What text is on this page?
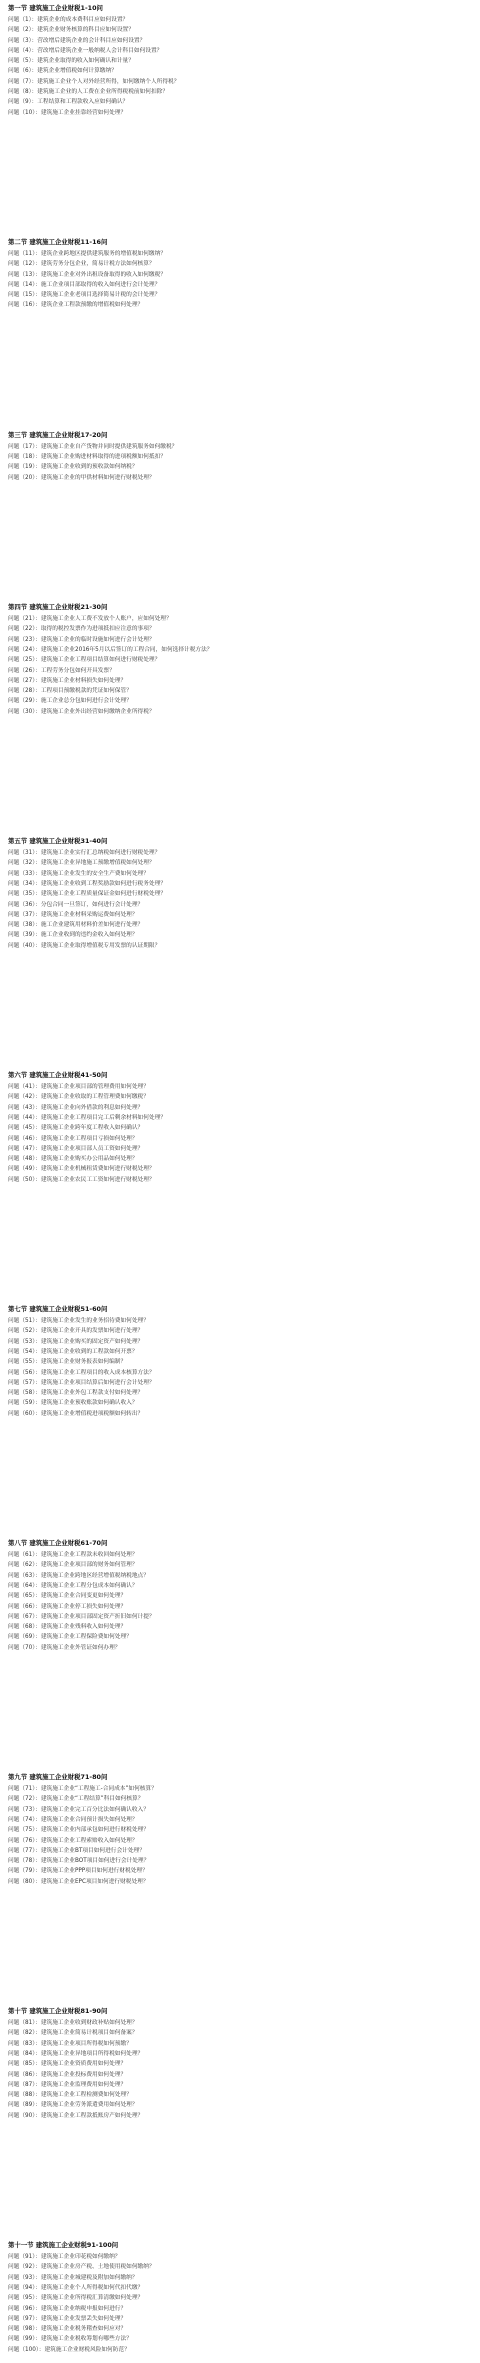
第一节 建筑施工企业财税1-10问
问题（1）： 建筑企业的成本费科目应如何设置？
问题（2）： 建筑企业财务核算的科目应如何设置？
问题（3）： 营改增后建筑企业的会计科目应如何设置？
问题（4）： 营改增后建筑企业一般纳税人会计科目如何设置？
问题（5）： 建筑企业取得的收入如何确认和计量？
问题（6）： 建筑企业增值税如何计算缴纳？
问题（7）： 建筑施工企业个人对外经营所得，如何缴纳个人所得税？
问题（8）： 建筑施工企业的人工费在企业所得税税前如何扣除？
问题（9）： 工程结算和工程款收入应如何确认？
问题（10）： 建筑施工企业挂靠经营如何处理？
第二节 建筑施工企业财税11-16问
问题（11）： 建筑企业跨地区提供建筑服务的增值税如何缴纳？
问题（12）： 建筑劳务分包企业，简易计税方法如何核算？
问题（13）： 建筑施工企业对外出租设备取得的收入如何缴税？
问题（14）： 施工企业项目部取得的收入如何进行会计处理？
问题（15）： 建筑施工企业老项目选择简易计税的会计处理？
问题（16）： 建筑企业工程款预缴的增值税如何处理？
第三节 建筑施工企业财税17-20问
问题（17）： 建筑施工企业自产货物并同时提供建筑服务如何缴税？
问题（18）： 建筑施工企业购进材料取得的进项税额如何抵扣？
问题（19）： 建筑施工企业收到的预收款如何纳税？
问题（20）： 建筑施工企业的甲供材料如何进行财税处理？
第四节 建筑施工企业财税21-30问
问题（21）： 建筑施工企业人工费不发放个人账户，应如何处理？
问题（22）： 取得的税控发票作为进项抵扣应注意的事项？
问题（23）： 建筑施工企业的临时设施如何进行会计处理？
问题（24）： 建筑施工企业2016年5月以后签订的工程合同，如何选择计税方法？
问题（25）： 建筑施工企业工程项目结算如何进行财税处理？
问题（26）： 工程劳务分包如何开具发票？
问题（27）： 建筑施工企业材料损失如何处理？
问题（28）： 工程项目预缴税款的凭证如何保管？
问题（29）： 施工企业总分包如何进行会计处理？
问题（30）： 建筑施工企业外出经营如何缴纳企业所得税？
第五节 建筑施工企业财税31-40问
问题（31）： 建筑施工企业实行汇总纳税如何进行财税处理？
问题（32）： 建筑施工企业异地施工预缴增值税如何处理？
问题（33）： 建筑施工企业发生的安全生产费如何处理？
问题（34）： 建筑施工企业收到工程奖励款如何进行税务处理？
问题（35）： 建筑施工企业工程质量保证金如何进行财税处理？
问题（36）： 分包合同一旦签订，如何进行会计处理？
问题（37）： 建筑施工企业材料采购运费如何处理？
问题（38）： 施工企业建筑用材料价差如何进行处理？
问题（39）： 施工企业收到的违约金收入如何处理？
问题（40）： 建筑施工企业取得增值税专用发票的认证期限？
第六节 建筑施工企业财税41-50问
问题（41）： 建筑施工企业项目部的管理费用如何处理？
问题（42）： 建筑施工企业收取的工程管理费如何缴税？
问题（43）： 建筑施工企业向外借款的利息如何处理？
问题（44）： 建筑施工企业工程项目完工后剩余材料如何处理？
问题（45）： 建筑施工企业跨年度工程收入如何确认？
问题（46）： 建筑施工企业工程项目亏损如何处理？
问题（47）： 建筑施工企业项目部人员工资如何处理？
问题（48）： 建筑施工企业购买办公用品如何处理？
问题（49）： 建筑施工企业机械租赁费如何进行财税处理？
问题（50）： 建筑施工企业农民工工资如何进行财税处理？
第七节 建筑施工企业财税51-60问
问题（51）： 建筑施工企业发生的业务招待费如何处理？
问题（52）： 建筑施工企业开具的发票如何进行处理？
问题（53）： 建筑施工企业购买的固定资产如何处理？
问题（54）： 建筑施工企业收到的工程款如何开票？
问题（55）： 建筑施工企业财务报表如何编制？
问题（56）： 建筑施工企业工程项目的收入成本核算方法？
问题（57）： 建筑施工企业项目结算后如何进行会计处理？
问题（58）： 建筑施工企业外包工程款支付如何处理？
问题（59）： 建筑施工企业预收账款如何确认收入？
问题（60）： 建筑施工企业增值税进项税额如何转出？
第八节 建筑施工企业财税61-70问
问题（61）： 建筑施工企业工程款未收回如何处理？
问题（62）： 建筑施工企业项目部的财务如何管理？
问题（63）： 建筑施工企业跨地区经营增值税纳税地点？
问题（64）： 建筑施工企业工程分包成本如何确认？
问题（65）： 建筑施工企业合同变更如何处理？
问题（66）： 建筑施工企业停工损失如何处理？
问题（67）： 建筑施工企业项目部固定资产折旧如何计提？
问题（68）： 建筑施工企业残料收入如何处理？
问题（69）： 建筑施工企业工程保险费如何处理？
问题（70）： 建筑施工企业外管证如何办理？
第九节 建筑施工企业财税71-80问
问题（71）： 建筑施工企业“工程施工-合同成本”如何核算？
问题（72）： 建筑施工企业“工程结算”科目如何核算？
问题（73）： 建筑施工企业完工百分比法如何确认收入？
问题（74）： 建筑施工企业合同预计损失如何处理？
问题（75）： 建筑施工企业内部承包如何进行财税处理？
问题（76）： 建筑施工企业工程索赔收入如何处理？
问题（77）： 建筑施工企业BT项目如何进行会计处理？
问题（78）： 建筑施工企业BOT项目如何进行会计处理？
问题（79）： 建筑施工企业PPP项目如何进行财税处理？
问题（80）： 建筑施工企业EPC项目如何进行财税处理？
第十节 建筑施工企业财税81-90问
问题（81）： 建筑施工企业收到财政补贴如何处理？
问题（82）： 建筑施工企业简易计税项目如何备案？
问题（83）： 建筑施工企业项目所得税如何预缴？
问题（84）： 建筑施工企业异地项目所得税如何处理？
问题（85）： 建筑施工企业资质费用如何处理？
问题（86）： 建筑施工企业投标费用如何处理？
问题（87）： 建筑施工企业监理费用如何处理？
问题（88）： 建筑施工企业工程检测费如何处理？
问题（89）： 建筑施工企业劳务派遣费用如何处理？
问题（90）： 建筑施工企业工程款抵账房产如何处理？
第十一节 建筑施工企业财税91-100问
问题（91）： 建筑施工企业印花税如何缴纳？
问题（92）： 建筑施工企业房产税、土地使用税如何缴纳？
问题（93）： 建筑施工企业城建税及附加如何缴纳？
问题（94）： 建筑施工企业个人所得税如何代扣代缴？
问题（95）： 建筑施工企业所得税汇算清缴如何处理？
问题（96）： 建筑施工企业纳税申报如何进行？
问题（97）： 建筑施工企业发票丢失如何处理？
问题（98）： 建筑施工企业税务稽查如何应对？
问题（99）： 建筑施工企业税收筹划有哪些方法？
问题（100）： 建筑施工企业财税风险如何防范？
